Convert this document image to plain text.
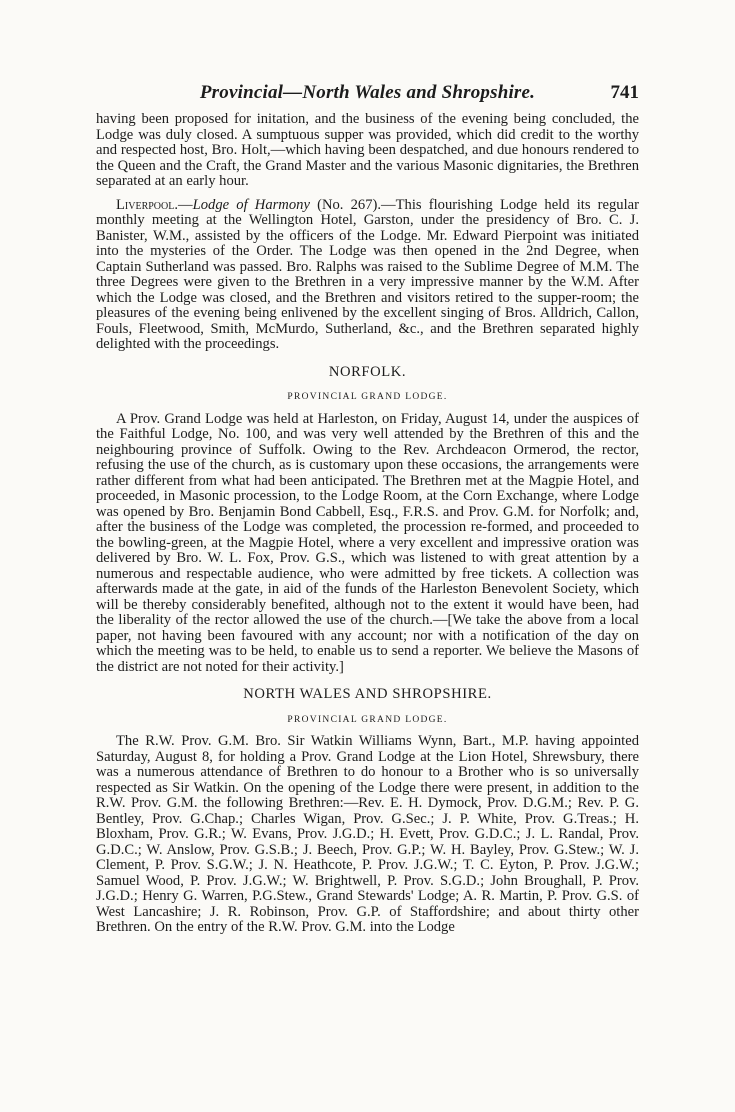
Provincial—North Wales and Shropshire.	741

having been proposed for initation, and the business of the evening being concluded, the Lodge was duly closed. A sumptuous supper was provided, which did credit to the worthy and respected host, Bro. Holt,—which having been despatched, and due honours rendered to the Queen and the Craft, the Grand Master and the various Masonic dignitaries, the Brethren separated at an early hour.

Liverpool.—Lodge of Harmony (No. 267).—This flourishing Lodge held its regular monthly meeting at the Wellington Hotel, Garston, under the presidency of Bro. C. J. Banister, W.M., assisted by the officers of the Lodge. Mr. Edward Pierpoint was initiated into the mysteries of the Order. The Lodge was then opened in the 2nd Degree, when Captain Sutherland was passed. Bro. Ralphs was raised to the Sublime Degree of M.M. The three Degrees were given to the Brethren in a very impressive manner by the W.M. After which the Lodge was closed, and the Brethren and visitors retired to the supper-room; the pleasures of the evening being enlivened by the excellent singing of Bros. Alldrich, Callon, Fouls, Fleetwood, Smith, McMurdo, Sutherland, &c., and the Brethren separated highly delighted with the proceedings.

NORFOLK.
PROVINCIAL GRAND LODGE.

A Prov. Grand Lodge was held at Harleston, on Friday, August 14, under the auspices of the Faithful Lodge, No. 100, and was very well attended by the Brethren of this and the neighbouring province of Suffolk. Owing to the Rev. Archdeacon Ormerod, the rector, refusing the use of the church, as is customary upon these occasions, the arrangements were rather different from what had been anticipated. The Brethren met at the Magpie Hotel, and proceeded, in Masonic procession, to the Lodge Room, at the Corn Exchange, where Lodge was opened by Bro. Benjamin Bond Cabbell, Esq., F.R.S. and Prov. G.M. for Norfolk; and, after the business of the Lodge was completed, the procession re-formed, and proceeded to the bowling-green, at the Magpie Hotel, where a very excellent and impressive oration was delivered by Bro. W. L. Fox, Prov. G.S., which was listened to with great attention by a numerous and respectable audience, who were admitted by free tickets. A collection was afterwards made at the gate, in aid of the funds of the Harleston Benevolent Society, which will be thereby considerably benefited, although not to the extent it would have been, had the liberality of the rector allowed the use of the church.—[We take the above from a local paper, not having been favoured with any account; nor with a notification of the day on which the meeting was to be held, to enable us to send a reporter. We believe the Masons of the district are not noted for their activity.]

NORTH WALES AND SHROPSHIRE.
PROVINCIAL GRAND LODGE.

The R.W. Prov. G.M. Bro. Sir Watkin Williams Wynn, Bart., M.P. having appointed Saturday, August 8, for holding a Prov. Grand Lodge at the Lion Hotel, Shrewsbury, there was a numerous attendance of Brethren to do honour to a Brother who is so universally respected as Sir Watkin. On the opening of the Lodge there were present, in addition to the R.W. Prov. G.M. the following Brethren:—Rev. E. H. Dymock, Prov. D.G.M.; Rev. P. G. Bentley, Prov. G.Chap.; Charles Wigan, Prov. G.Sec.; J. P. White, Prov. G.Treas.; H. Bloxham, Prov. G.R.; W. Evans, Prov. J.G.D.; H. Evett, Prov. G.D.C.; J. L. Randal, Prov. G.D.C.; W. Anslow, Prov. G.S.B.; J. Beech, Prov. G.P.; W. H. Bayley, Prov. G.Stew.; W. J. Clement, P. Prov. S.G.W.; J. N. Heathcote, P. Prov. J.G.W.; T. C. Eyton, P. Prov. J.G.W.; Samuel Wood, P. Prov. J.G.W.; W. Brightwell, P. Prov. S.G.D.; John Broughall, P. Prov. J.G.D.; Henry G. Warren, P.G.Stew., Grand Stewards' Lodge; A. R. Martin, P. Prov. G.S. of West Lancashire; J. R. Robinson, Prov. G.P. of Staffordshire; and about thirty other Brethren. On the entry of the R.W. Prov. G.M. into the Lodge
